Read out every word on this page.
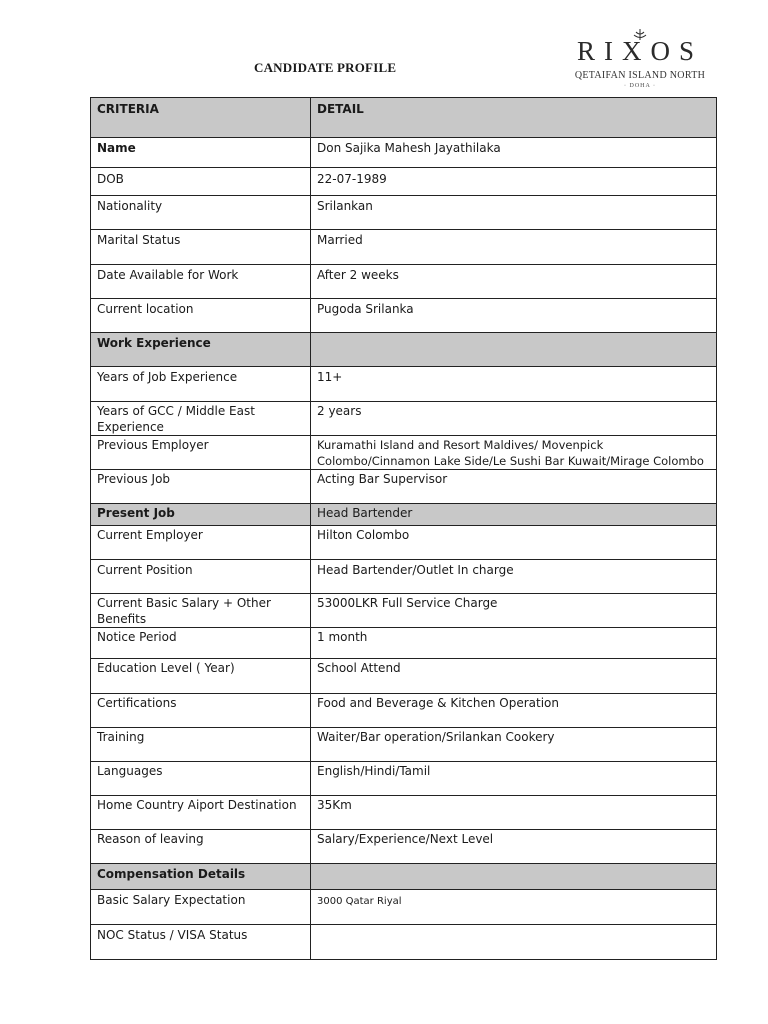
CANDIDATE PROFILE
RIXOS
QETAIFAN ISLAND NORTH
· DOHA ·
CRITERIA	DETAIL
Name	Don Sajika Mahesh Jayathilaka
DOB	22-07-1989
Nationality	Srilankan
Marital Status	Married
Date Available for Work	After 2 weeks
Current location	Pugoda Srilanka
Work Experience	
Years of Job Experience	11+
Years of GCC / Middle East Experience	2 years
Previous Employer	Kuramathi Island and Resort Maldives/ Movenpick Colombo/Cinnamon Lake Side/Le Sushi Bar Kuwait/Mirage Colombo
Previous Job	Acting Bar Supervisor
Present Job	Head Bartender
Current Employer	Hilton Colombo
Current Position	Head Bartender/Outlet In charge
Current Basic Salary + Other Benefits	53000LKR Full Service Charge
Notice Period	1 month
Education Level ( Year)	School Attend
Certifications	Food and Beverage & Kitchen Operation
Training	Waiter/Bar operation/Srilankan Cookery
Languages	English/Hindi/Tamil
Home Country Aiport Destination	35Km
Reason of leaving	Salary/Experience/Next Level
Compensation Details	
Basic Salary Expectation	3000 Qatar Riyal
NOC Status / VISA Status	
